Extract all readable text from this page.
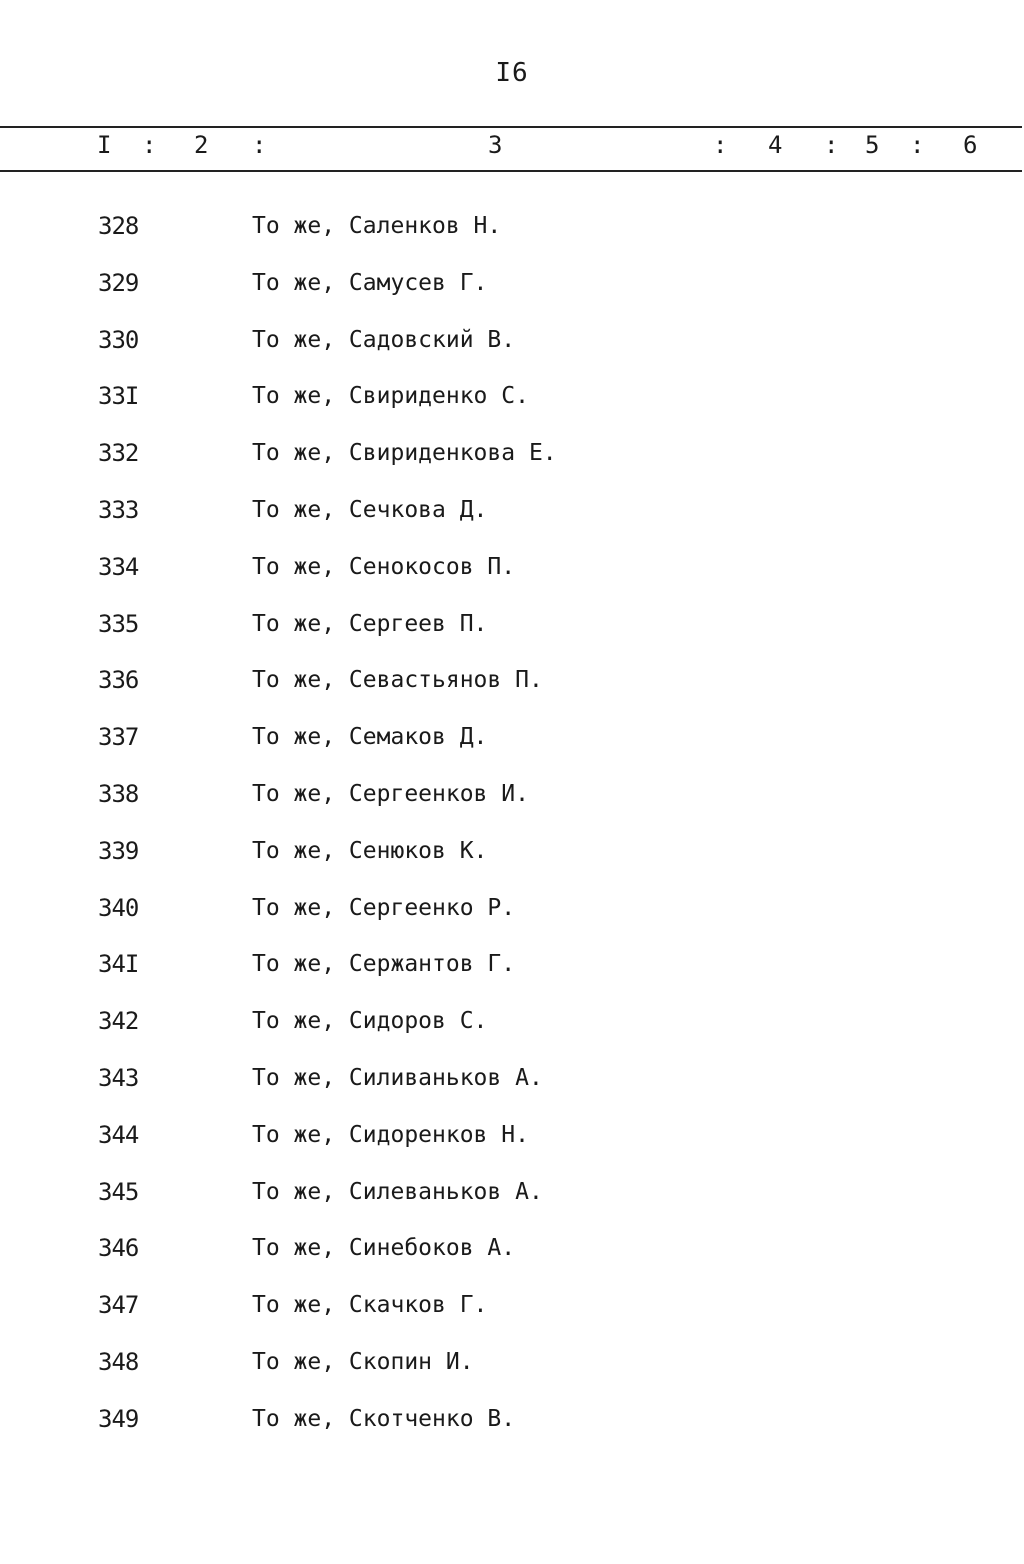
I6
I : 2 :	3	: 4 : 5 : 6
328	То же, Саленков Н.
329	То же, Самусев Г.
330	То же, Садовский В.
33I	То же, Свириденко С.
332	То же, Свириденкова Е.
333	То же, Сечкова Д.
334	То же, Сенокосов П.
335	То же, Сергеев П.
336	То же, Севастьянов П.
337	То же, Семаков Д.
338	То же, Сергеенков И.
339	То же, Сенюков К.
340	То же, Сергеенко Р.
34I	То же, Сержантов Г.
342	То же, Сидоров С.
343	То же, Силиваньков А.
344	То же, Сидоренков Н.
345	То же, Силеваньков А.
346	То же, Синебоков А.
347	То же, Скачков Г.
348	То же, Скопин И.
349	То же, Скотченко В.
